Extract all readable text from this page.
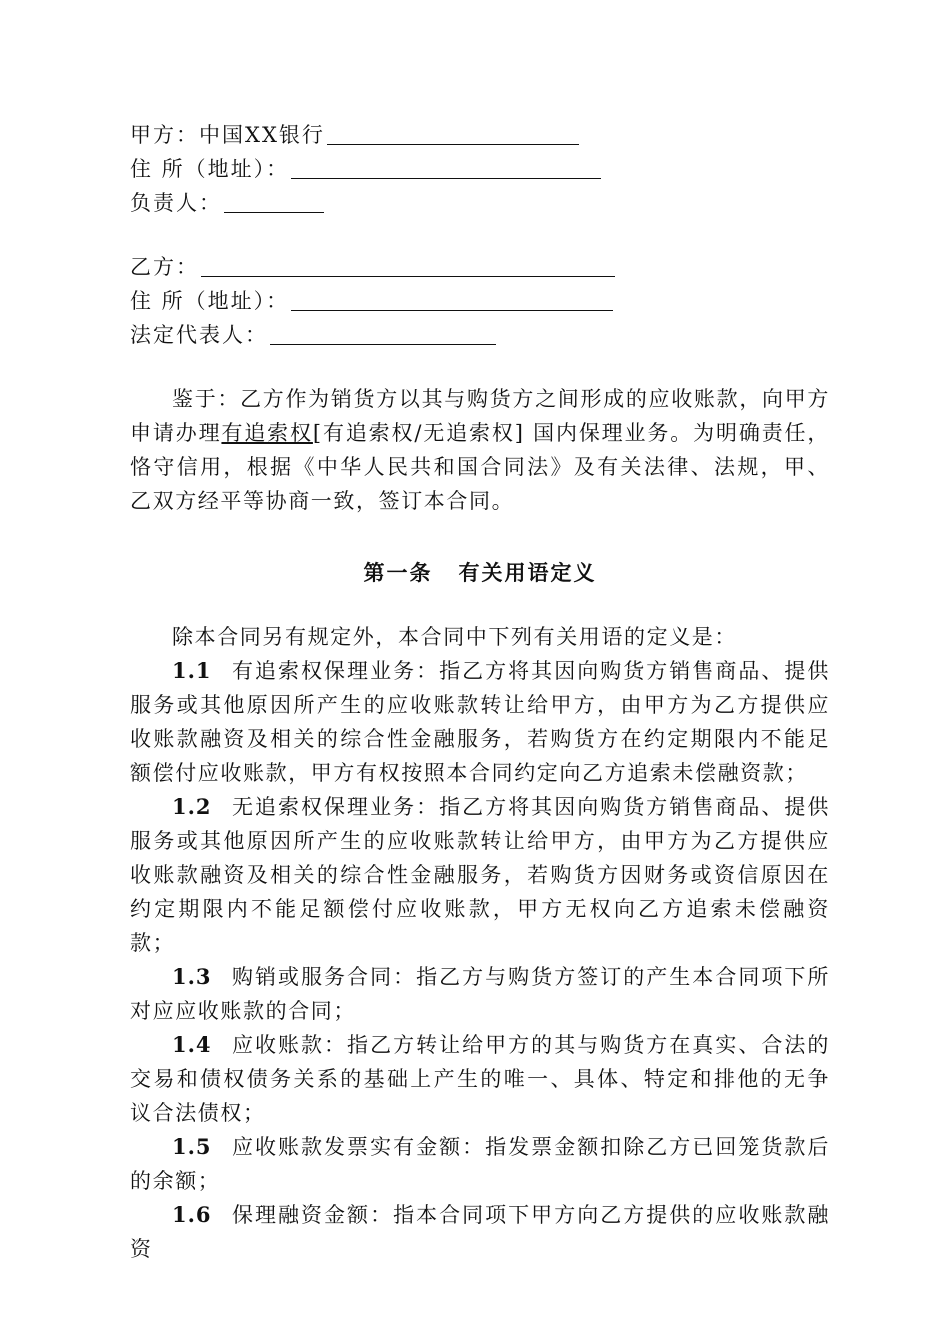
甲方：中国XX银行
住 所（地址）：
负责人：
乙方：
住 所（地址）：
法定代表人：

鉴于：乙方作为销货方以其与购货方之间形成的应收账款，向甲方申请办理有追索权[有追索权/无追索权] 国内保理业务。为明确责任，恪守信用，根据《中华人民共和国合同法》及有关法律、法规，甲、乙双方经平等协商一致，签订本合同。

第一条 有关用语定义

除本合同另有规定外，本合同中下列有关用语的定义是：

1.1 有追索权保理业务：指乙方将其因向购货方销售商品、提供服务或其他原因所产生的应收账款转让给甲方，由甲方为乙方提供应收账款融资及相关的综合性金融服务，若购货方在约定期限内不能足额偿付应收账款，甲方有权按照本合同约定向乙方追索未偿融资款；

1.2 无追索权保理业务：指乙方将其因向购货方销售商品、提供服务或其他原因所产生的应收账款转让给甲方，由甲方为乙方提供应收账款融资及相关的综合性金融服务，若购货方因财务或资信原因在约定期限内不能足额偿付应收账款，甲方无权向乙方追索未偿融资款；

1.3 购销或服务合同：指乙方与购货方签订的产生本合同项下所对应应收账款的合同；

1.4 应收账款：指乙方转让给甲方的其与购货方在真实、合法的交易和债权债务关系的基础上产生的唯一、具体、特定和排他的无争议合法债权；

1.5 应收账款发票实有金额：指发票金额扣除乙方已回笼货款后的余额；

1.6 保理融资金额：指本合同项下甲方向乙方提供的应收账款融资
